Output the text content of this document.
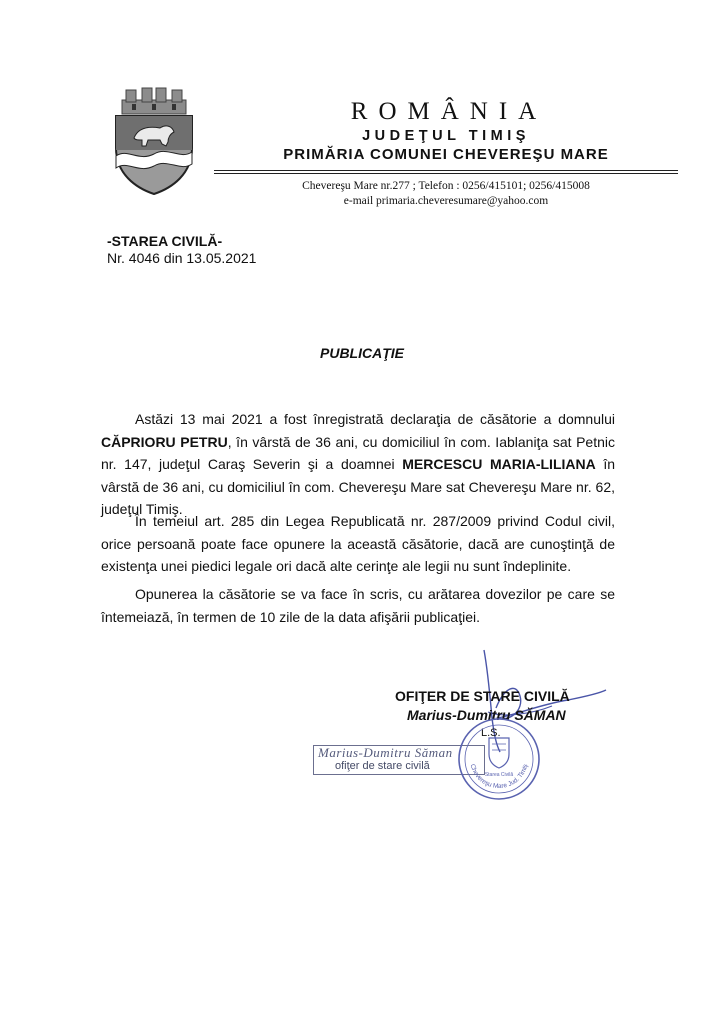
ROMÂNIA
JUDEŢUL TIMIŞ
PRIMĂRIA COMUNEI CHEVEREŞU MARE
Chevereşu Mare nr.277 ; Telefon : 0256/415101; 0256/415008
e-mail primaria.cheveresumare@yahoo.com
-STAREA CIVILĂ-
Nr. 4046 din 13.05.2021
PUBLICAŢIE
Astăzi 13 mai 2021 a fost înregistrată declaraţia de căsătorie a domnului CĂPRIORU PETRU, în vârstă de 36 ani, cu domiciliul în com. Iablaniţa sat Petnic nr. 147, judeţul Caraş Severin şi a doamnei MERCESCU MARIA-LILIANA în vârstă de 36 ani, cu domiciliul în com. Chevereşu Mare sat Chevereşu Mare nr. 62, judeţul Timiş.
În temeiul art. 285 din Legea Republicată nr. 287/2009 privind Codul civil, orice persoană poate face opunere la această căsătorie, dacă are cunoştinţă de existenţa unei piedici legale ori dacă alte cerinţe ale legii nu sunt îndeplinite.
Opunerea la căsătorie se va face în scris, cu arătarea dovezilor pe care se întemeiază, în termen de 10 zile de la data afişării publicaţiei.
OFIŢER DE STARE CIVILĂ
Marius-Dumitru SĂMAN
L.S.
Marius-Dumitru Săman
ofiţer de stare civilă
Starea Civilă
Chevereşu Mare Jud. Timiş
